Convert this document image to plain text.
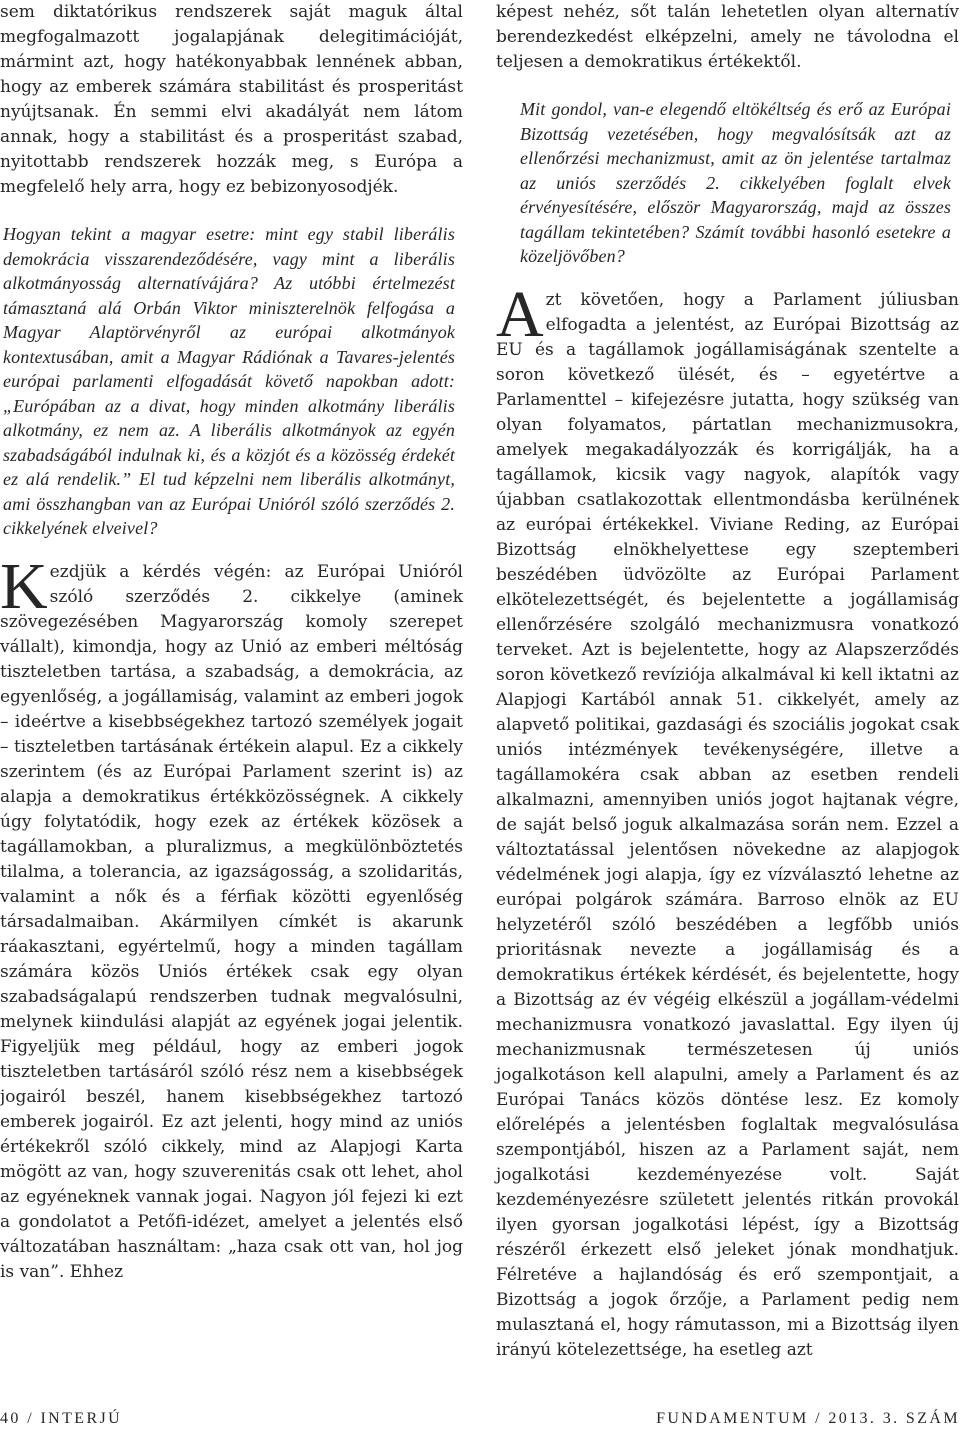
sem diktatórikus rendszerek saját maguk által megfogalmazott jogalapjának delegitimációját, mármint azt, hogy hatékonyabbak lennének abban, hogy az emberek számára stabilitást és prosperitást nyújtsanak. Én semmi elvi akadályát nem látom annak, hogy a stabilitást és a prosperitást szabad, nyitottabb rendszerek hozzák meg, s Európa a megfelelő hely arra, hogy ez bebizonyosodjék.

Hogyan tekint a magyar esetre: mint egy stabil liberális demokrácia visszarendeződésére, vagy mint a liberális alkotmányosság alternatívájára? Az utóbbi értelmezést támasztaná alá Orbán Viktor miniszterelnök felfogása a Magyar Alaptörvényről az európai alkotmányok kontextusában, amit a Magyar Rádiónak a Tavares-jelentés európai parlamenti elfogadását követő napokban adott: „Európában az a divat, hogy minden alkotmány liberális alkotmány, ez nem az. A liberális alkotmányok az egyén szabadságából indulnak ki, és a közjót és a közösség érdekét ez alá rendelik.” El tud képzelni nem liberális alkotmányt, ami összhangban van az Európai Unióról szóló szerződés 2. cikkelyének elveivel?

K ezdjük a kérdés végén: az Európai Unióról szóló szerződés 2. cikkelye (aminek szövegezésében Magyarország komoly szerepet vállalt), kimondja, hogy az Unió az emberi méltóság tiszteletben tartása, a szabadság, a demokrácia, az egyenlőség, a jogállamiság, valamint az emberi jogok – ideértve a kisebbségekhez tartozó személyek jogait – tiszteletben tartásának értékein alapul. Ez a cikkely szerintem (és az Európai Parlament szerint is) az alapja a demokratikus értékközösségnek. A cikkely úgy folytatódik, hogy ezek az értékek közösek a tagállamokban, a pluralizmus, a megkülönböztetés tilalma, a tolerancia, az igazságosság, a szolidaritás, valamint a nők és a férfiak közötti egyenlőség társadalmaiban. Akármilyen címkét is akarunk ráakasztani, egyértelmű, hogy a minden tagállam számára közös Uniós értékek csak egy olyan szabadságalapú rendszerben tudnak megvalósulni, melynek kiindulási alapját az egyének jogai jelentik. Figyeljük meg például, hogy az emberi jogok tiszteletben tartásáról szóló rész nem a kisebbségek jogairól beszél, hanem kisebbségekhez tartozó emberek jogairól. Ez azt jelenti, hogy mind az uniós értékekről szóló cikkely, mind az Alapjogi Karta mögött az van, hogy szuverenitás csak ott lehet, ahol az egyéneknek vannak jogai. Nagyon jól fejezi ki ezt a gondolatot a Petőfi-idézet, amelyet a jelentés első változatában használtam: „haza csak ott van, hol jog is van”. Ehhez

képest nehéz, sőt talán lehetetlen olyan alternatív berendezkedést elképzelni, amely ne távolodna el teljesen a demokratikus értékektől.

Mit gondol, van-e elegendő eltökéltség és erő az Európai Bizottság vezetésében, hogy megvalósítsák azt az ellenőrzési mechanizmust, amit az ön jelentése tartalmaz az uniós szerződés 2. cikkelyében foglalt elvek érvényesítésére, először Magyarország, majd az összes tagállam tekintetében? Számít további hasonló esetekre a közeljövőben?

A zt követően, hogy a Parlament júliusban elfogadta a jelentést, az Európai Bizottság az EU és a tagállamok jogállamiságának szentelte a soron következő ülését, és – egyetértve a Parlamenttel – kifejezésre jutatta, hogy szükség van olyan folyamatos, pártatlan mechanizmusokra, amelyek megakadályozzák és korrigálják, ha a tagállamok, kicsik vagy nagyok, alapítók vagy újabban csatlakozottak ellentmondásba kerülnének az európai értékekkel. Viviane Reding, az Európai Bizottság elnökhelyettese egy szeptemberi beszédében üdvözölte az Európai Parlament elkötelezettségét, és bejelentette a jogállamiság ellenőrzésére szolgáló mechanizmusra vonatkozó terveket. Azt is bejelentette, hogy az Alapszerződés soron következő revíziója alkalmával ki kell iktatni az Alapjogi Kartából annak 51. cikkelyét, amely az alapvető politikai, gazdasági és szociális jogokat csak uniós intézmények tevékenységére, illetve a tagállamokéra csak abban az esetben rendeli alkalmazni, amennyiben uniós jogot hajtanak végre, de saját belső joguk alkalmazása során nem. Ezzel a változtatással jelentősen növekedne az alapjogok védelmének jogi alapja, így ez vízválasztó lehetne az európai polgárok számára. Barroso elnök az EU helyzetéről szóló beszédében a legfőbb uniós prioritásnak nevezte a jogállamiság és a demokratikus értékek kérdését, és bejelentette, hogy a Bizottság az év végéig elkészül a jogállam-védelmi mechanizmusra vonatkozó javaslattal. Egy ilyen új mechanizmusnak természetesen új uniós jogalkotáson kell alapulni, amely a Parlament és az Európai Tanács közös döntése lesz. Ez komoly előrelépés a jelentésben foglaltak megvalósulása szempontjából, hiszen az a Parlament saját, nem jogalkotási kezdeményezése volt. Saját kezdeményezésre született jelentés ritkán provokál ilyen gyorsan jogalkotási lépést, így a Bizottság részéről érkezett első jeleket jónak mondhatjuk. Félretéve a hajlandóság és erő szempontjait, a Bizottság a jogok őrzője, a Parlament pedig nem mulasztaná el, hogy rámutasson, mi a Bizottság ilyen irányú kötelezettsége, ha esetleg azt

40 / INTERJÚ	FUNDAMENTUM / 2013. 3. SZÁM
